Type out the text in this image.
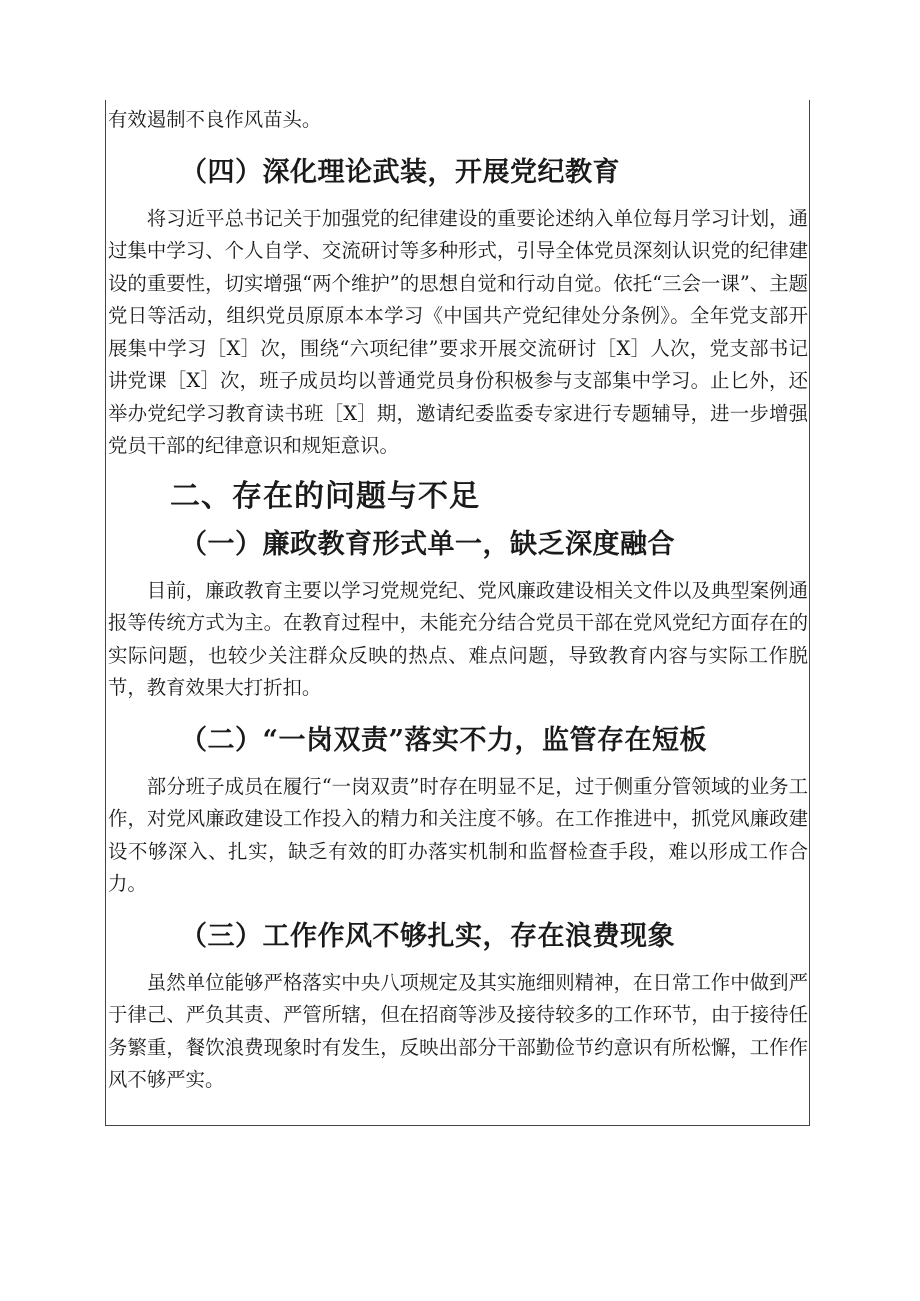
有效遏制不良作风苗头。

（四）深化理论武装，开展党纪教育

将习近平总书记关于加强党的纪律建设的重要论述纳入单位每月学习计划，通过集中学习、个人自学、交流研讨等多种形式，引导全体党员深刻认识党的纪律建设的重要性，切实增强“两个维护”的思想自觉和行动自觉。依托“三会一课”、主题党日等活动，组织党员原原本本学习《中国共产党纪律处分条例》。全年党支部开展集中学习［X］次，围绕“六项纪律”要求开展交流研讨［X］人次，党支部书记讲党课［X］次，班子成员均以普通党员身份积极参与支部集中学习。止匕外，还举办党纪学习教育读书班［X］期，邀请纪委监委专家进行专题辅导，进一步增强党员干部的纪律意识和规矩意识。

二、存在的问题与不足
（一）廉政教育形式单一，缺乏深度融合

目前，廉政教育主要以学习党规党纪、党风廉政建设相关文件以及典型案例通报等传统方式为主。在教育过程中，未能充分结合党员干部在党风党纪方面存在的实际问题，也较少关注群众反映的热点、难点问题，导致教育内容与实际工作脱节，教育效果大打折扣。

（二）“一岗双责”落实不力，监管存在短板

部分班子成员在履行“一岗双责”时存在明显不足，过于侧重分管领域的业务工作，对党风廉政建设工作投入的精力和关注度不够。在工作推进中，抓党风廉政建设不够深入、扎实，缺乏有效的盯办落实机制和监督检查手段，难以形成工作合力。

（三）工作作风不够扎实，存在浪费现象

虽然单位能够严格落实中央八项规定及其实施细则精神，在日常工作中做到严于律己、严负其责、严管所辖，但在招商等涉及接待较多的工作环节，由于接待任务繁重，餐饮浪费现象时有发生，反映出部分干部勤俭节约意识有所松懈，工作作风不够严实。
